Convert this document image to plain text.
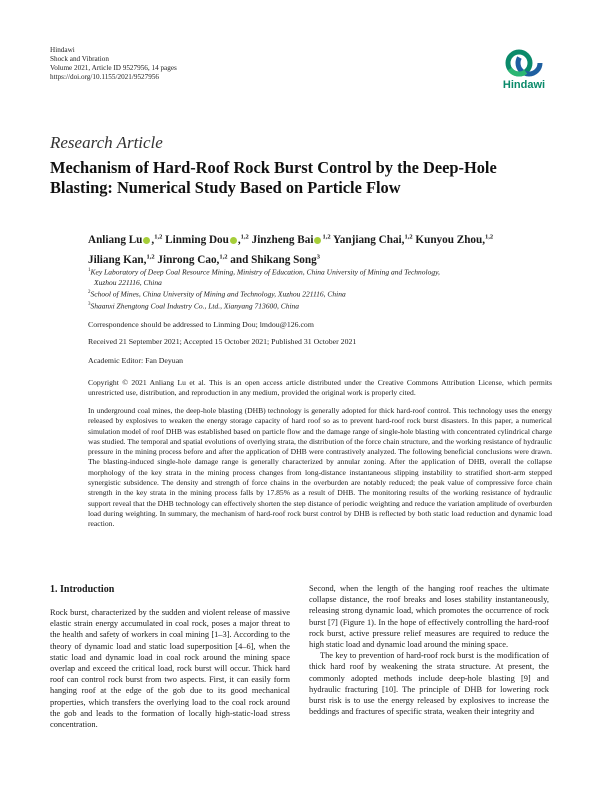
Hindawi
Shock and Vibration
Volume 2021, Article ID 9527956, 14 pages
https://doi.org/10.1155/2021/9527956
Hindawi
Research Article
Mechanism of Hard-Roof Rock Burst Control by the Deep-Hole Blasting: Numerical Study Based on Particle Flow
Anliang Lu ,$^{1,2}$ Linming Dou ,$^{1,2}$ Jinzheng Bai $^{1,2}$ Yanjiang Chai,$^{1,2}$ Kunyou Zhou,$^{1,2}$ Jiliang Kan,$^{1,2}$ Jinrong Cao,$^{1,2}$ and Shikang Song$^3$
$^1$Key Laboratory of Deep Coal Resource Mining, Ministry of Education, China University of Mining and Technology,
Xuzhou 221116, China
$^2$School of Mines, China University of Mining and Technology, Xuzhou 221116, China
$^3$Shaanxi Zhengtong Coal Industry Co., Ltd., Xianyang 713600, China
Correspondence should be addressed to Linming Dou; lmdou@126.com
Received 21 September 2021; Accepted 15 October 2021; Published 31 October 2021
Academic Editor: Fan Deyuan
Copyright © 2021 Anliang Lu et al. This is an open access article distributed under the Creative Commons Attribution License, which permits unrestricted use, distribution, and reproduction in any medium, provided the original work is properly cited.
In underground coal mines, the deep-hole blasting (DHB) technology is generally adopted for thick hard-roof control. This technology uses the energy released by explosives to weaken the energy storage capacity of hard roof so as to prevent hard-roof rock burst disasters. In this paper, a numerical simulation model of roof DHB was established based on particle flow and the damage range of single-hole blasting with concentrated cylindrical charge was studied. The temporal and spatial evolutions of overlying strata, the distribution of the force chain structure, and the working resistance of hydraulic pressure in the mining process before and after the application of DHB were contrastively analyzed. The following beneficial conclusions were drawn. The blasting-induced single-hole damage range is generally characterized by annular zoning. After the application of DHB, overall the collapse morphology of the key strata in the mining process changes from long-distance instantaneous slipping instability to stratified short-arm stepped synergistic subsidence. The density and strength of force chains in the overburden are notably reduced; the peak value of compressive force chain strength in the key strata in the mining process falls by 17.85% as a result of DHB. The monitoring results of the working resistance of hydraulic support reveal that the DHB technology can effectively shorten the step distance of periodic weighting and reduce the variation amplitude of overburden load during weighting. In summary, the mechanism of hard-roof rock burst control by DHB is reflected by both static load reduction and dynamic load reaction.
1. Introduction

Rock burst, characterized by the sudden and violent release of massive elastic strain energy accumulated in coal rock, poses a major threat to the health and safety of workers in coal mining [1–3]. According to the theory of dynamic load and static load superposition [4–6], when the static load and dynamic load in coal rock around the mining space overlap and exceed the critical load, rock burst will occur. Thick hard roof can control rock burst from two aspects. First, it can easily form hanging roof at the edge of the gob due to its good mechanical properties, which transfers the overlying load to the coal rock around the gob and leads to the formation of locally high-static-load stress concentration.

Second, when the length of the hanging roof reaches the ultimate collapse distance, the roof breaks and loses stability instantaneously, releasing strong dynamic load, which promotes the occurrence of rock burst [7] (Figure 1). In the hope of effectively controlling the hard-roof rock burst, active pressure relief measures are required to reduce the high static load and dynamic load around the mining space.

The key to prevention of hard-roof rock burst is the modification of thick hard roof by weakening the strata structure. At present, the commonly adopted methods include deep-hole blasting [9] and hydraulic fracturing [10]. The principle of DHB for lowering rock burst risk is to use the energy released by explosives to increase the beddings and fractures of specific strata, weaken their integrity and
